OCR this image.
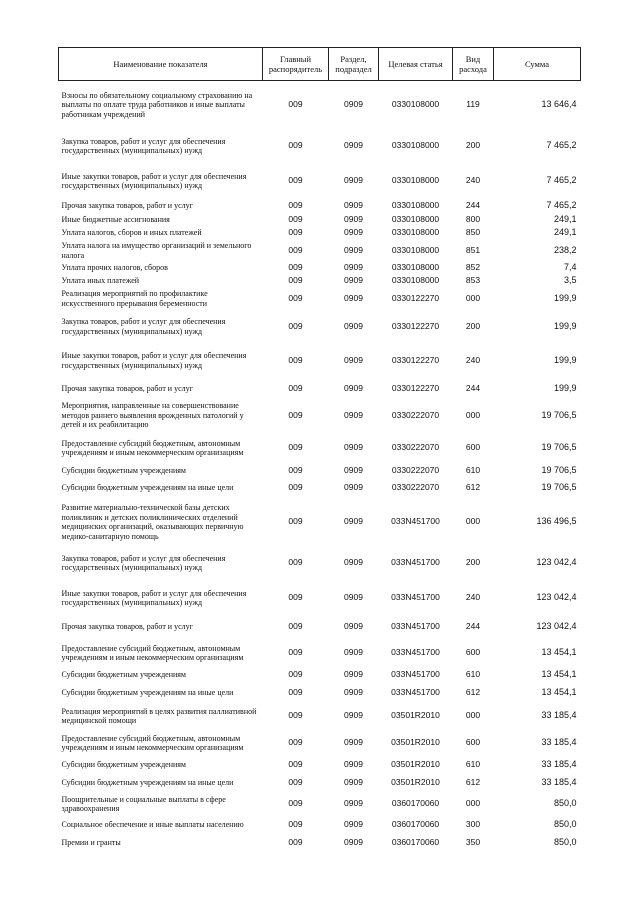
Наименование показателя	Главный распорядитель	Раздел, подраздел	Целевая статья	Вид расхода	Сумма
Взносы по обязательному социальному страхованию на выплаты по оплате труда работников и иные выплаты работникам учреждений	009	0909	0330108000	119	13 646,4
Закупка товаров, работ и услуг для обеспечения государственных (муниципальных) нужд	009	0909	0330108000	200	7 465,2
Иные закупки товаров, работ и услуг для обеспечения государственных (муниципальных) нужд	009	0909	0330108000	240	7 465,2
Прочая закупка товаров, работ и услуг	009	0909	0330108000	244	7 465,2
Иные бюджетные ассигнования	009	0909	0330108000	800	249,1
Уплата налогов, сборов и иных платежей	009	0909	0330108000	850	249,1
Уплата налога на имущество организаций и земельного налога	009	0909	0330108000	851	238,2
Уплата прочих налогов, сборов	009	0909	0330108000	852	7,4
Уплата иных платежей	009	0909	0330108000	853	3,5
Реализация мероприятий по профилактике искусственного прерывания беременности	009	0909	0330122270	000	199,9
Закупка товаров, работ и услуг для обеспечения государственных (муниципальных) нужд	009	0909	0330122270	200	199,9
Иные закупки товаров, работ и услуг для обеспечения государственных (муниципальных) нужд	009	0909	0330122270	240	199,9
Прочая закупка товаров, работ и услуг	009	0909	0330122270	244	199,9
Мероприятия, направленные на совершенствование методов раннего выявления врожденных патологий у детей и их реабилитацию	009	0909	0330222070	000	19 706,5
Предоставление субсидий бюджетным, автономным учреждениям и иным некоммерческим организациям	009	0909	0330222070	600	19 706,5
Субсидии бюджетным учреждениям	009	0909	0330222070	610	19 706,5
Субсидии бюджетным учреждениям на иные цели	009	0909	0330222070	612	19 706,5
Развитие материально-технической базы детских поликлиник и детских поликлинических отделений медицинских организаций, оказывающих первичную медико-санитарную помощь	009	0909	033N451700	000	136 496,5
Закупка товаров, работ и услуг для обеспечения государственных (муниципальных) нужд	009	0909	033N451700	200	123 042,4
Иные закупки товаров, работ и услуг для обеспечения государственных (муниципальных) нужд	009	0909	033N451700	240	123 042,4
Прочая закупка товаров, работ и услуг	009	0909	033N451700	244	123 042,4
Предоставление субсидий бюджетным, автономным учреждениям и иным некоммерческим организациям	009	0909	033N451700	600	13 454,1
Субсидии бюджетным учреждениям	009	0909	033N451700	610	13 454,1
Субсидии бюджетным учреждениям на иные цели	009	0909	033N451700	612	13 454,1
Реализация мероприятий в целях развития паллиативной медицинской помощи	009	0909	03501R2010	000	33 185,4
Предоставление субсидий бюджетным, автономным учреждениям и иным некоммерческим организациям	009	0909	03501R2010	600	33 185,4
Субсидии бюджетным учреждениям	009	0909	03501R2010	610	33 185,4
Субсидии бюджетным учреждениям на иные цели	009	0909	03501R2010	612	33 185,4
Поощрительные и социальные выплаты в сфере здравоохранения	009	0909	0360170060	000	850,0
Социальное обеспечение и иные выплаты населению	009	0909	0360170060	300	850,0
Премии и гранты	009	0909	0360170060	350	850,0
